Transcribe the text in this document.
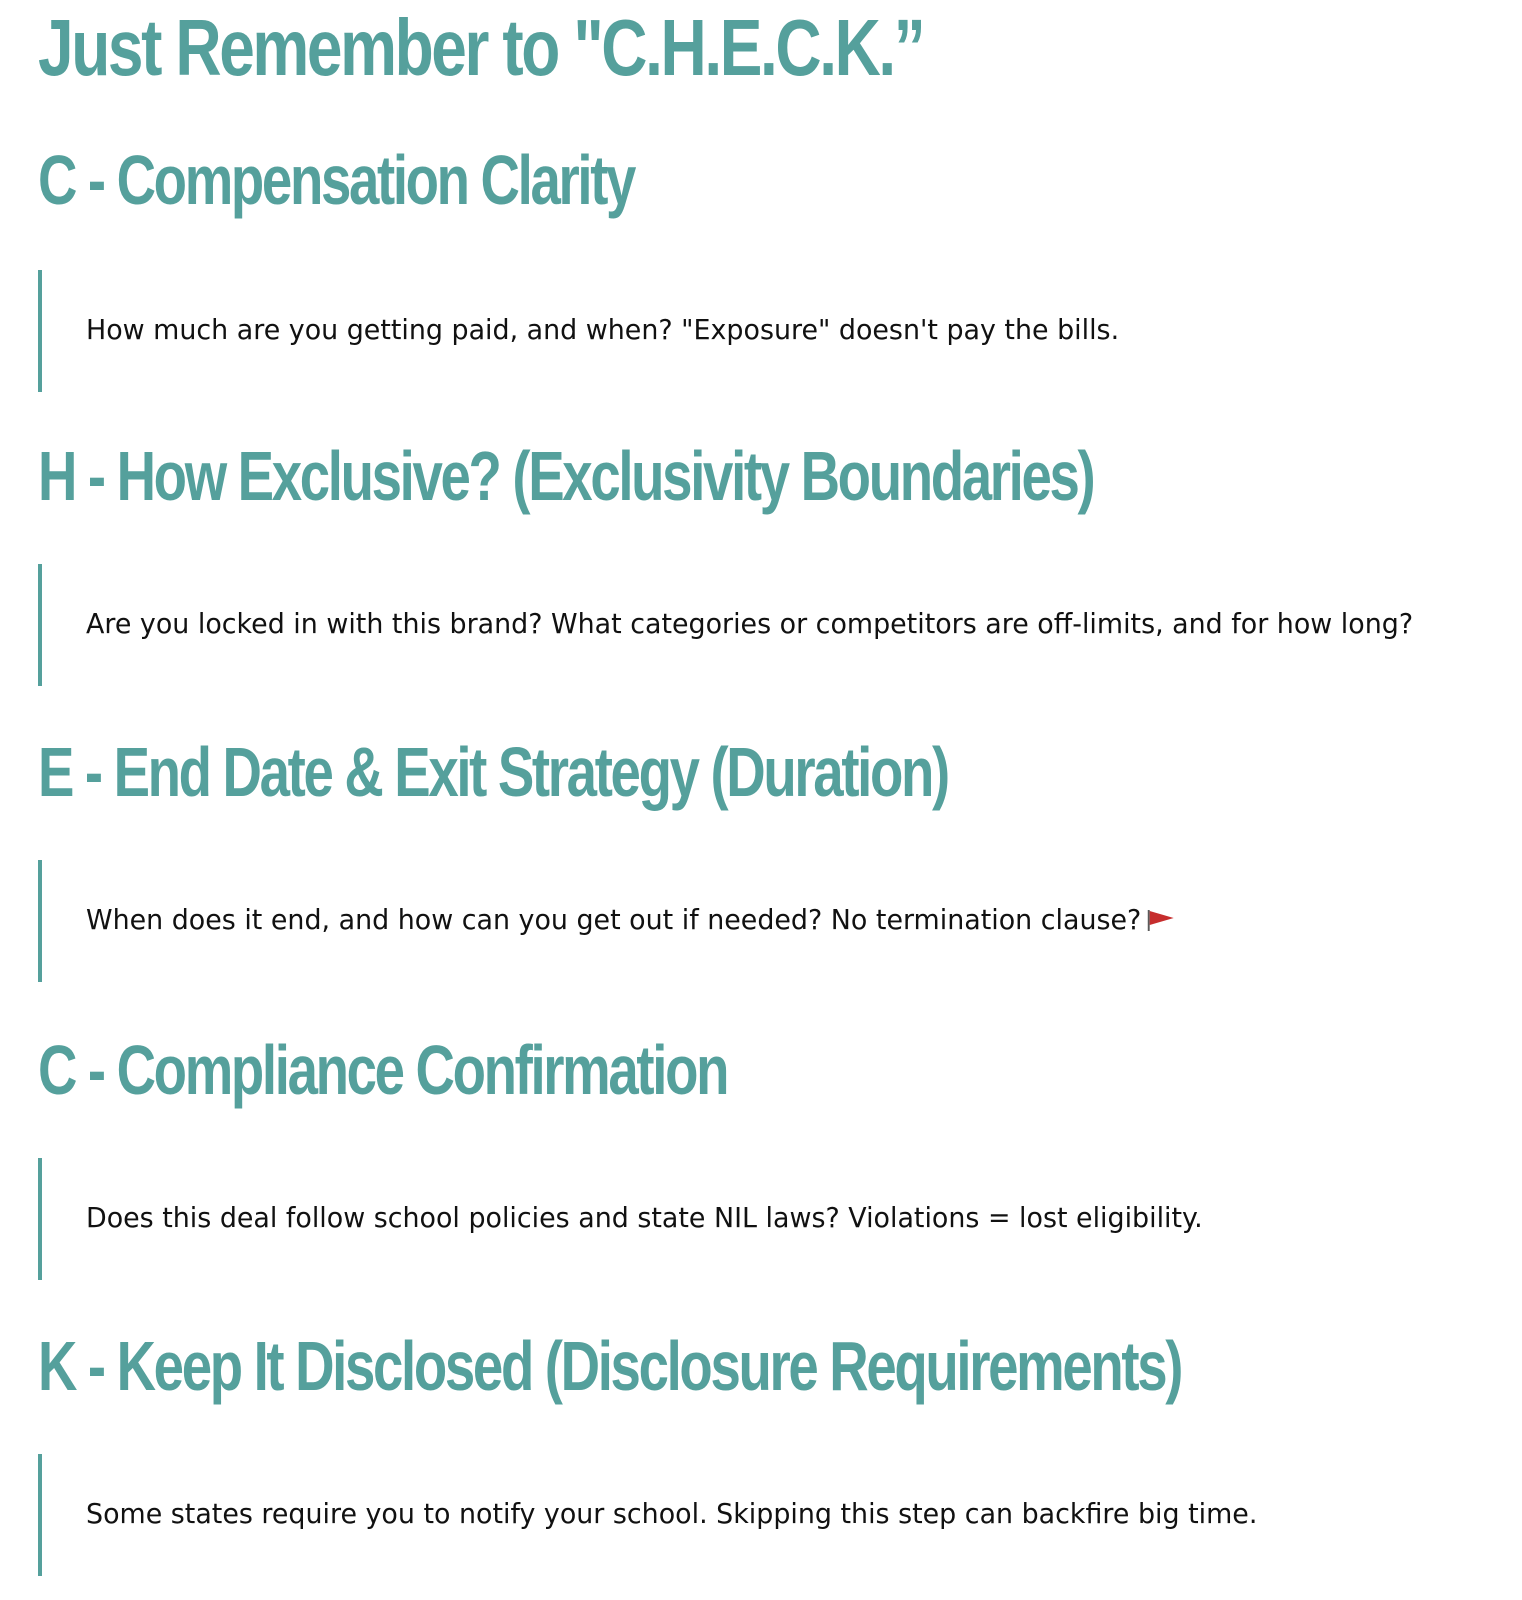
Just Remember to "C.H.E.C.K.”
C - Compensation Clarity

How much are you getting paid, and when? "Exposure" doesn't pay the bills.

H - How Exclusive? (Exclusivity Boundaries)

Are you locked in with this brand? What categories or competitors are off-limits, and for how long?

E - End Date & Exit Strategy (Duration)

When does it end, and how can you get out if needed? No termination clause?

C - Compliance Confirmation

Does this deal follow school policies and state NIL laws? Violations = lost eligibility.

K - Keep It Disclosed (Disclosure Requirements)

Some states require you to notify your school. Skipping this step can backfire big time.
